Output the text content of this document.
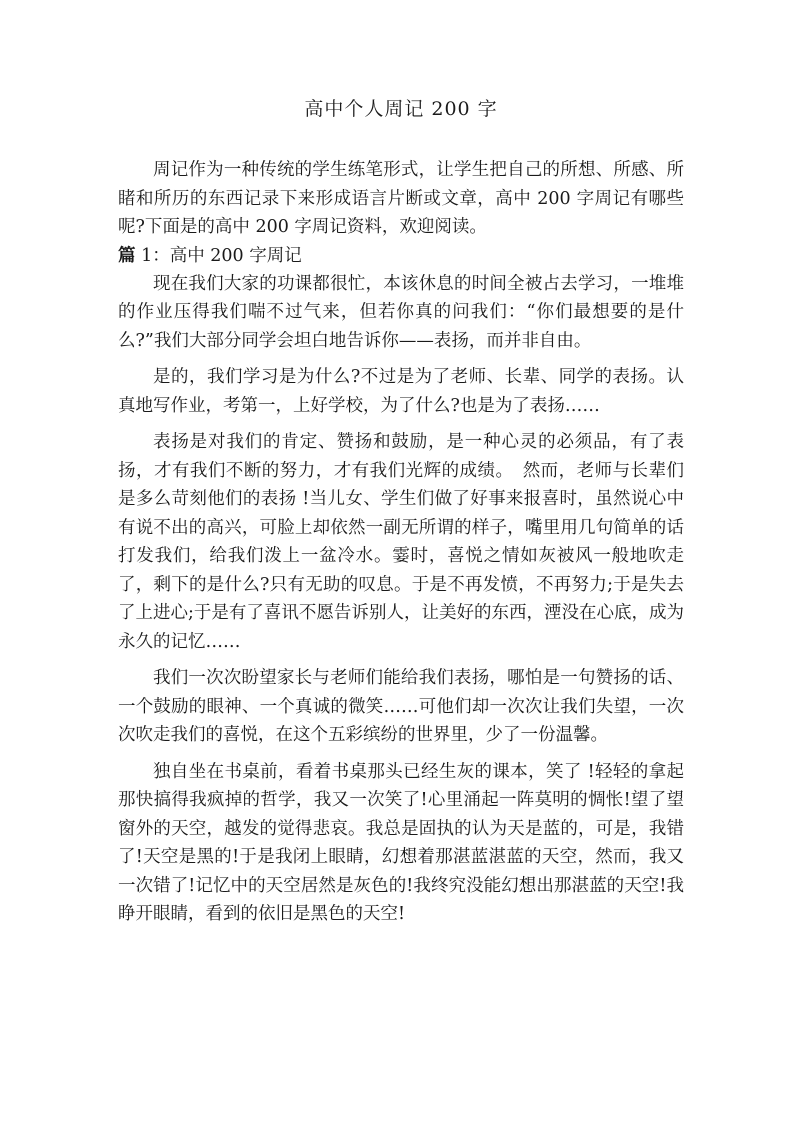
高中个人周记 200 字

周记作为一种传统的学生练笔形式，让学生把自己的所想、所感、所睹和所历的东西记录下来形成语言片断或文章，高中 200 字周记有哪些呢?下面是的高中 200 字周记资料，欢迎阅读。

篇 1：高中 200 字周记

现在我们大家的功课都很忙，本该休息的时间全被占去学习，一堆堆的作业压得我们喘不过气来，但若你真的问我们：“你们最想要的是什么?”我们大部分同学会坦白地告诉你——表扬，而并非自由。

是的，我们学习是为什么?不过是为了老师、长辈、同学的表扬。认真地写作业，考第一，上好学校，为了什么?也是为了表扬……

表扬是对我们的肯定、赞扬和鼓励，是一种心灵的必须品，有了表扬，才有我们不断的努力，才有我们光辉的成绩。　然而，老师与长辈们是多么苛刻他们的表扬 !当儿女、学生们做了好事来报喜时，虽然说心中有说不出的高兴，可脸上却依然一副无所谓的样子，嘴里用几句简单的话打发我们，给我们泼上一盆冷水。霎时，喜悦之情如灰被风一般地吹走了，剩下的是什么?只有无助的叹息。于是不再发愤，不再努力;于是失去了上进心;于是有了喜讯不愿告诉别人，让美好的东西，湮没在心底，成为永久的记忆……

我们一次次盼望家长与老师们能给我们表扬，哪怕是一句赞扬的话、一个鼓励的眼神、一个真诚的微笑……可他们却一次次让我们失望，一次次吹走我们的喜悦，在这个五彩缤纷的世界里，少了一份温馨。

独自坐在书桌前，看着书桌那头已经生灰的课本，笑了 !轻轻的拿起那快搞得我疯掉的哲学，我又一次笑了!心里涌起一阵莫明的惆怅!望了望窗外的天空，越发的觉得悲哀。我总是固执的认为天是蓝的，可是，我错了!天空是黑的!于是我闭上眼睛，幻想着那湛蓝湛蓝的天空，然而，我又一次错了!记忆中的天空居然是灰色的!我终究没能幻想出那湛蓝的天空!我睁开眼睛，看到的依旧是黑色的天空!
